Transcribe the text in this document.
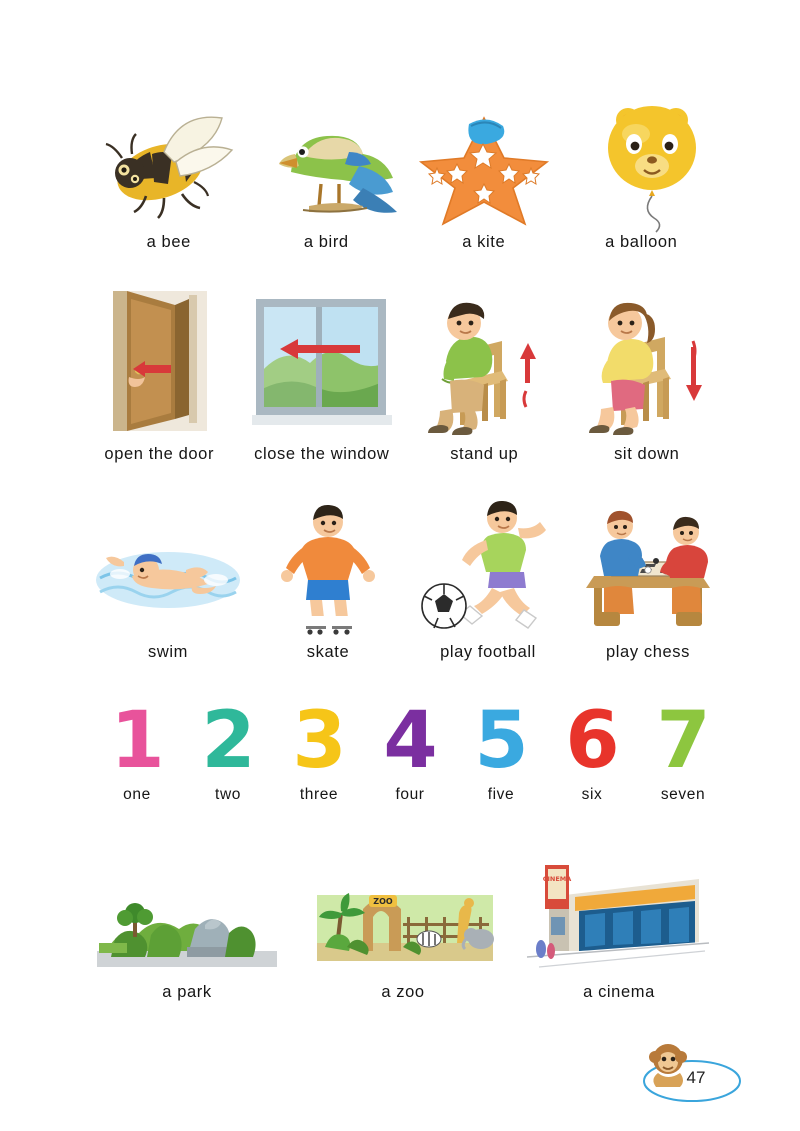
a bee	a bird	a kite	a balloon
open the door close the window	stand up	sit down
swim	skate	play football	play chess
1
one
2
two
3
three
4
four
5
five
6
six
7
seven
a park
ZOO
a zoo
CINEMA
a cinema
47
